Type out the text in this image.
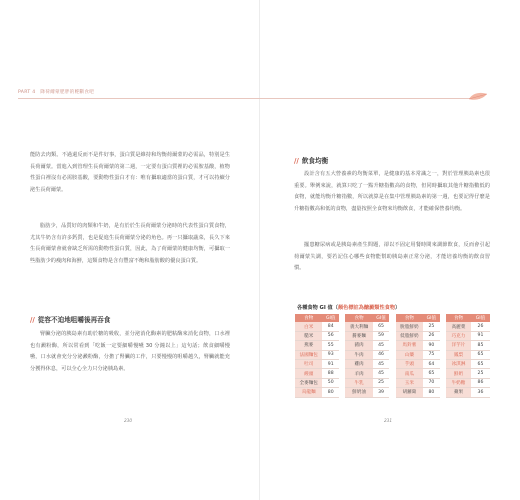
PART 4　降荷爾蒙肥胖的輕斷食吧

能防去肉類。不過還反而不是件好事，蛋白質是維持和均衡荷爾蒙的必需品，特別是生長荷爾蒙。當進入到管理生長荷爾蒙的第二週，一定要有蛋白質裡的必需胺基酸，植物性蛋白裡沒有必需胺基酸，要動物性蛋白才有：唯有攝取適當的蛋白質，才可以持續分泌生長荷爾蒙。

脂肪少，品質好的肉類和牛奶，是有於於生長荷爾蒙分泌時的代表性蛋白質食物，尤其牛奶含有許多鈣質，也是促進生長荷爾蒙分泌的角色。再一只攝取蔬菜，長久下來生長荷爾蒙會就會缺乏所需的動物性蛋白質，因此，為了荷爾蒙的健康均衡，可攝取一些脂肪少的瘦肉和海鮮，這類食物是含有豐富不飽和脂肪酸的優良蛋白質。

// 從容不迫地咀嚼後再吞食

腎臟分泌的胰島素有助於糖的吸收，並分泌消化酶素的肥粘酶來消化食物，口水裡也有澱粉酶，所以常看到「吃飯一定要細嚼慢嚥 30 分鐘以上」這句話；飲食細嚼慢嚥，口水就會充分分泌澱粉酶，分擔了腎臟的工作，只要慢慢的咀嚼越久，腎臟就能充分獲得休息，可以全心全力只分泌胰島素。

230
// 飲食均衡

設計含有五大營養素的均衡菜單，是健康的基本常識之一，對於管理胰島素也很重要。舉例來說，就算只吃了一點升糖指數高的食物，但同時攝取其他升糖指數低的食物，就能均衡升糖指數，所以就算是在集中管理胰島素的第一週，也要記得仔麼是升糖指數高和低的食物，盡量按照全食物來均衡飲食，才能確保營養均衡。

擺患糖尿病或是胰島素產生問題，卻以不固定用餐時間來調節飲食，反而會引起荷爾蒙失調，要若記住心哪些食物能幫助胰島素正常分泌，才能培養均衡的飲食習慣。

各種食物 GI 值（顏色標註為醣澱類性食物）
食物	GI值
白米	84
糙米	56
燕麥	55
法國麵包	93
吐司	91
饅頭	88
全麥麵包	50
烏龍麵	80
食物	GI值
義大利麵	65
蕎麥麵	59
豬肉	45
牛肉	46
雞肉	45
羊肉	45
牛乳	25
鮮奶油	39
食物	GI值
脫脂鮮奶	25
低脂鮮奶	26
馬鈴薯	90
山藥	75
芋頭	64
南瓜	65
玉米	70
胡蘿蔔	80
食物	GI值
高麗菜	26
巧克力	91
洋芋片	85
鳳梨	65
冰淇淋	65
鮮奶	25
牛奶糖	86
蘋果	36
231
